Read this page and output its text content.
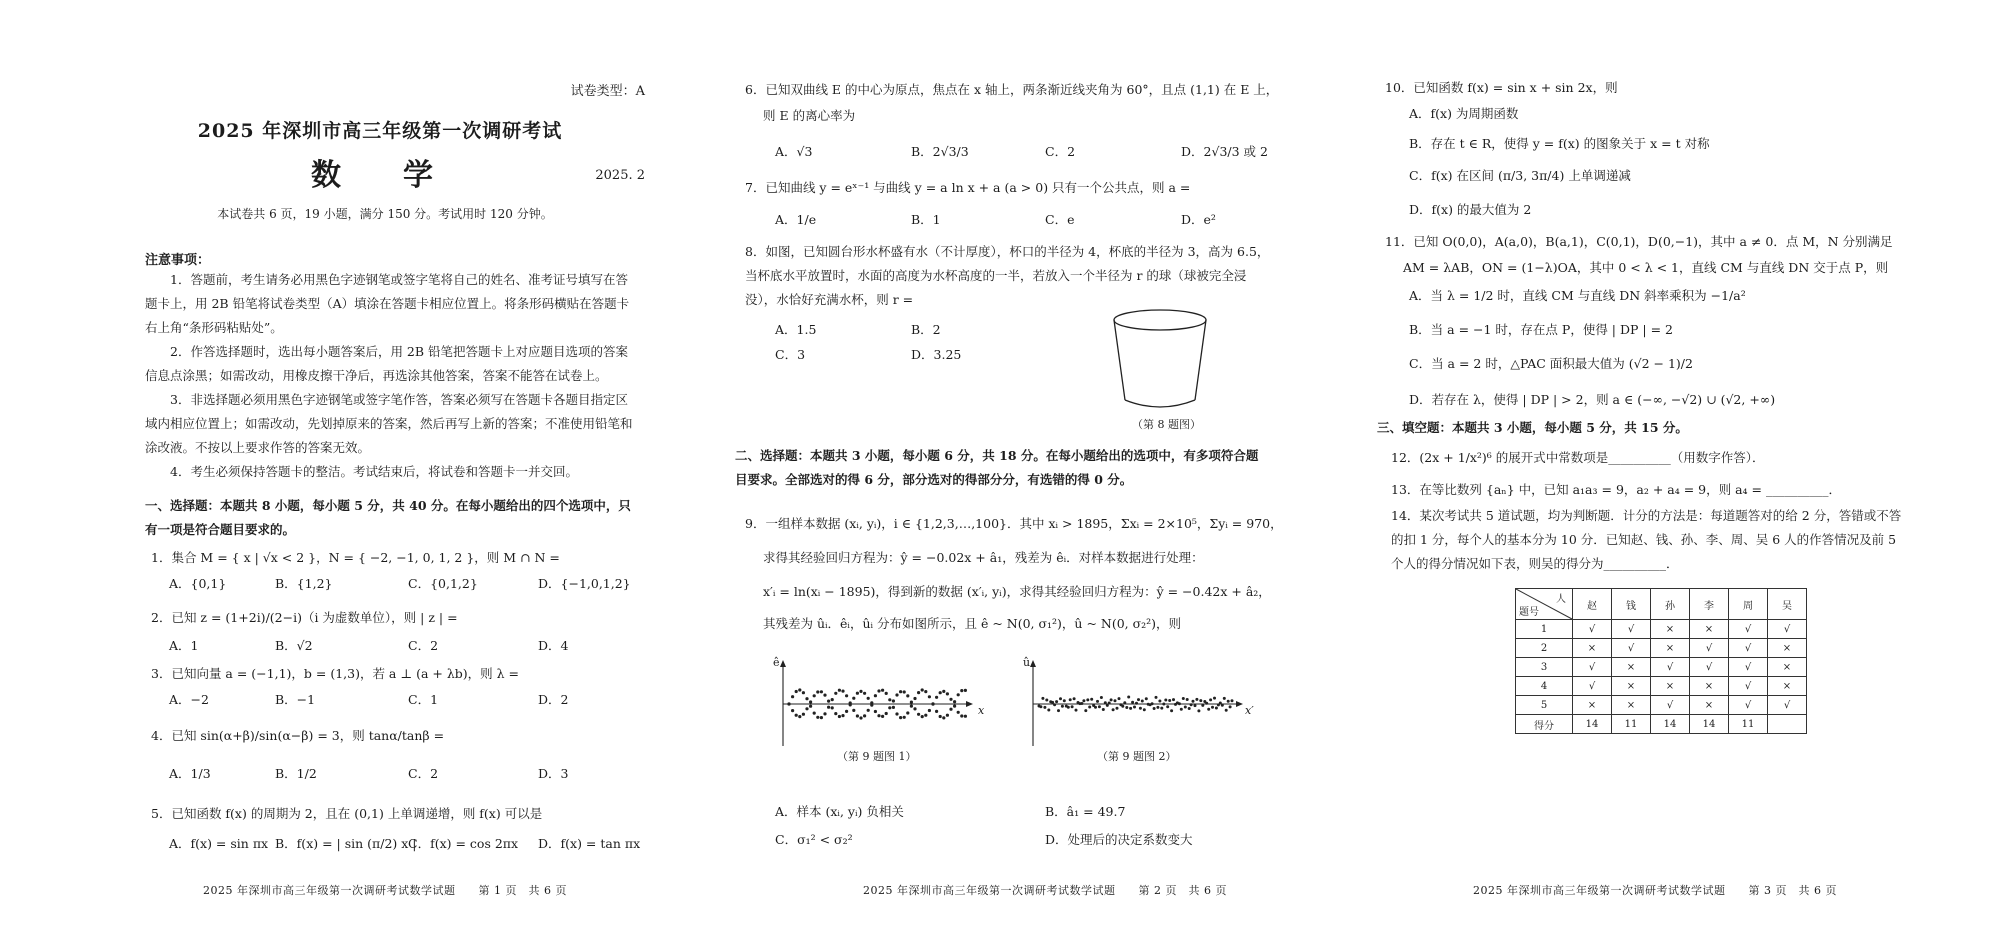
试卷类型：A
2025 年深圳市高三年级第一次调研考试
数　学	2025. 2
本试卷共 6 页，19 小题，满分 150 分。考试用时 120 分钟。
注意事项：
1．答题前，考生请务必用黑色字迹钢笔或签字笔将自己的姓名、准考证号填写在答题卡上，用 2B 铅笔将试卷类型（A）填涂在答题卡相应位置上。将条形码横贴在答题卡右上角“条形码粘贴处”。
2．作答选择题时，选出每小题答案后，用 2B 铅笔把答题卡上对应题目选项的答案信息点涂黑；如需改动，用橡皮擦干净后，再选涂其他答案，答案不能答在试卷上。
3．非选择题必须用黑色字迹钢笔或签字笔作答，答案必须写在答题卡各题目指定区域内相应位置上；如需改动，先划掉原来的答案，然后再写上新的答案；不准使用铅笔和涂改液。不按以上要求作答的答案无效。
4．考生必须保持答题卡的整洁。考试结束后，将试卷和答题卡一并交回。
一、选择题：本题共 8 小题，每小题 5 分，共 40 分。在每小题给出的四个选项中，只有一项是符合题目要求的。
1．集合 M = { x | √x < 2 }，N = { −2, −1, 0, 1, 2 }，则 M ∩ N =
A．{0,1}	B．{1,2}	C．{0,1,2}	D．{−1,0,1,2}
2．已知 z = (1+2i)/(2−i)（i 为虚数单位），则 | z | =
A．1	B．√2	C．2	D．4
3．已知向量 a = (−1,1)，b = (1,3)，若 a ⊥ (a + λb)，则 λ =
A．−2	B．−1	C．1	D．2
4．已知 sin(α+β)/sin(α−β) = 3，则 tanα/tanβ =
A．1/3	B．1/2	C．2	D．3
5．已知函数 f(x) 的周期为 2，且在 (0,1) 上单调递增，则 f(x) 可以是
A．f(x) = sin πx B．f(x) = | sin (π/2) x |
C．f(x) = cos 2πx D．f(x) = tan πx
2025 年深圳市高三年级第一次调研考试数学试题　　第 1 页　共 6 页
6．已知双曲线 E 的中心为原点，焦点在 x 轴上，两条渐近线夹角为 60°，且点 (1,1) 在 E 上，
则 E 的离心率为
A．√3	B．2√3/3	C．2	D．2√3/3 或 2
7．已知曲线 y = eˣ⁻¹ 与曲线 y = a ln x + a (a > 0) 只有一个公共点，则 a =
A．1/e	B．1	C．e	D．e²
8．如图，已知圆台形水杯盛有水（不计厚度），杯口的半径为 4，杯底的半径为 3，高为 6.5，当杯底水平放置时，水面的高度为水杯高度的一半，若放入一个半径为 r 的球（球被完全浸没），水恰好充满水杯，则 r =
A．1.5	B．2
C．3	D．3.25
（第 8 题图）
二、选择题：本题共 3 小题，每小题 6 分，共 18 分。在每小题给出的选项中，有多项符合题目要求。全部选对的得 6 分，部分选对的得部分分，有选错的得 0 分。
9．一组样本数据 (xᵢ, yᵢ)，i ∈ {1,2,3,…,100}．其中 xᵢ > 1895，Σxᵢ = 2×10⁵，Σyᵢ = 970，
求得其经验回归方程为：ŷ = −0.02x + â₁，残差为 êᵢ．对样本数据进行处理：
x′ᵢ = ln(xᵢ − 1895)，得到新的数据 (x′ᵢ, yᵢ)，求得其经验回归方程为：ŷ = −0.42x + â₂，
其残差为 ûᵢ．êᵢ，ûᵢ 分布如图所示，且 ê ~ N(0, σ₁²)，û ~ N(0, σ₂²)，则
ê
x
（第 9 题图 1）
û
x′
（第 9 题图 2）
A．样本 (xᵢ, yᵢ) 负相关	B．â₁ = 49.7
C．σ₁² < σ₂²	D．处理后的决定系数变大
2025 年深圳市高三年级第一次调研考试数学试题　　第 2 页　共 6 页
10．已知函数 f(x) = sin x + sin 2x，则
A．f(x) 为周期函数
B．存在 t ∈ R，使得 y = f(x) 的图象关于 x = t 对称
C．f(x) 在区间 (π/3, 3π/4) 上单调递减
D．f(x) 的最大值为 2
11．已知 O(0,0)，A(a,0)，B(a,1)，C(0,1)，D(0,−1)，其中 a ≠ 0．点 M，N 分别满足
AM = λAB，ON = (1−λ)OA，其中 0 < λ < 1，直线 CM 与直线 DN 交于点 P，则
A．当 λ = 1/2 时，直线 CM 与直线 DN 斜率乘积为 −1/a²
B．当 a = −1 时，存在点 P，使得 | DP | = 2
C．当 a = 2 时，△PAC 面积最大值为 (√2 − 1)/2
D．若存在 λ，使得 | DP | > 2，则 a ∈ (−∞, −√2) ∪ (√2, +∞)
三、填空题：本题共 3 小题，每小题 5 分，共 15 分。
12．(2x + 1/x²)⁶ 的展开式中常数项是__________（用数字作答）．
13．在等比数列 {aₙ} 中，已知 a₁a₃ = 9，a₂ + a₄ = 9，则 a₄ = __________．
14．某次考试共 5 道试题，均为判断题．计分的方法是：每道题答对的给 2 分，答错或不答的扣 1 分，每个人的基本分为 10 分．已知赵、钱、孙、李、周、吴 6 人的作答情况及前 5 个人的得分情况如下表，则吴的得分为__________．
人
题号	赵	钱	孙	李	周	吴
1	√	√	×	×	√	√
2	×	√	×	√	√	×
3	√	×	√	√	√	×
4	√	×	×	×	√	×
5	×	×	√	×	√	√
得分	14	11	14	14	11	
2025 年深圳市高三年级第一次调研考试数学试题　　第 3 页　共 6 页
